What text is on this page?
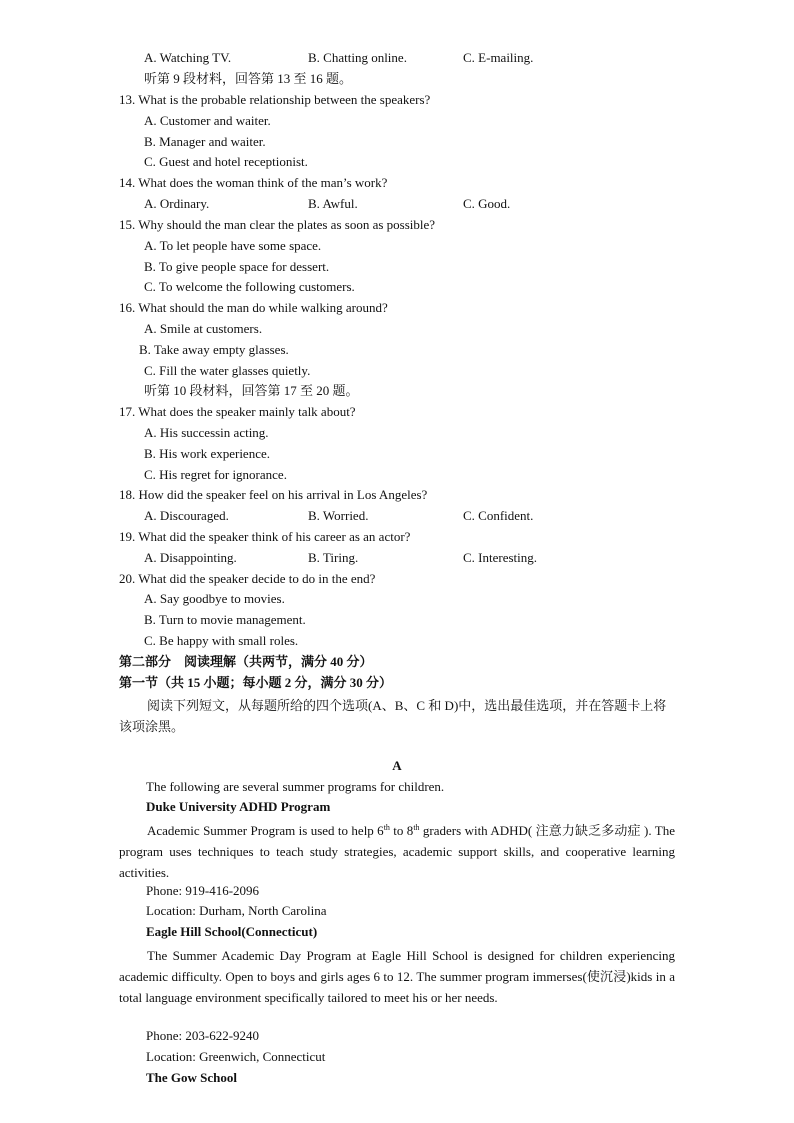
A. Watching TV.	B. Chatting online.	C. E-mailing.
听第 9 段材料，回答第 13 至 16 题。
13. What is the probable relationship between the speakers?
A. Customer and waiter.
B. Manager and waiter.
C. Guest and hotel receptionist.
14. What does the woman think of the man’s work?
A. Ordinary.	B. Awful.	C. Good.
15. Why should the man clear the plates as soon as possible?
A. To let people have some space.
B. To give people space for dessert.
C. To welcome the following customers.
16. What should the man do while walking around?
A. Smile at customers.
B. Take away empty glasses.
C. Fill the water glasses quietly.
听第 10 段材料，回答第 17 至 20 题。
17. What does the speaker mainly talk about?
A. His successin acting.
B. His work experience.
C. His regret for ignorance.
18. How did the speaker feel on his arrival in Los Angeles?
A. Discouraged.	B. Worried.	C. Confident.
19. What did the speaker think of his career as an actor?
A. Disappointing.	B. Tiring.	C. Interesting.
20. What did the speaker decide to do in the end?
A. Say goodbye to movies.
B. Turn to movie management.
C. Be happy with small roles.
第二部分　阅读理解（共两节，满分 40 分）
第一节（共 15 小题；每小题 2 分，满分 30 分）
阅读下列短文，从每题所给的四个选项(A、B、C 和 D)中，选出最佳选项，并在答题卡上将该项涂黑。
A
The following are several summer programs for children.
Duke University ADHD Program
Academic Summer Program is used to help 6th to 8th graders with ADHD( 注意力缺乏多动症 ). The program uses techniques to teach study strategies, academic support skills, and cooperative learning activities.
Phone: 919-416-2096
Location: Durham, North Carolina
Eagle Hill School(Connecticut)
The Summer Academic Day Program at Eagle Hill School is designed for children experiencing academic difficulty. Open to boys and girls ages 6 to 12. The summer program immerses(使沉浸)kids in a total language environment specifically tailored to meet his or her needs.
Phone: 203-622-9240
Location: Greenwich, Connecticut
The Gow School
